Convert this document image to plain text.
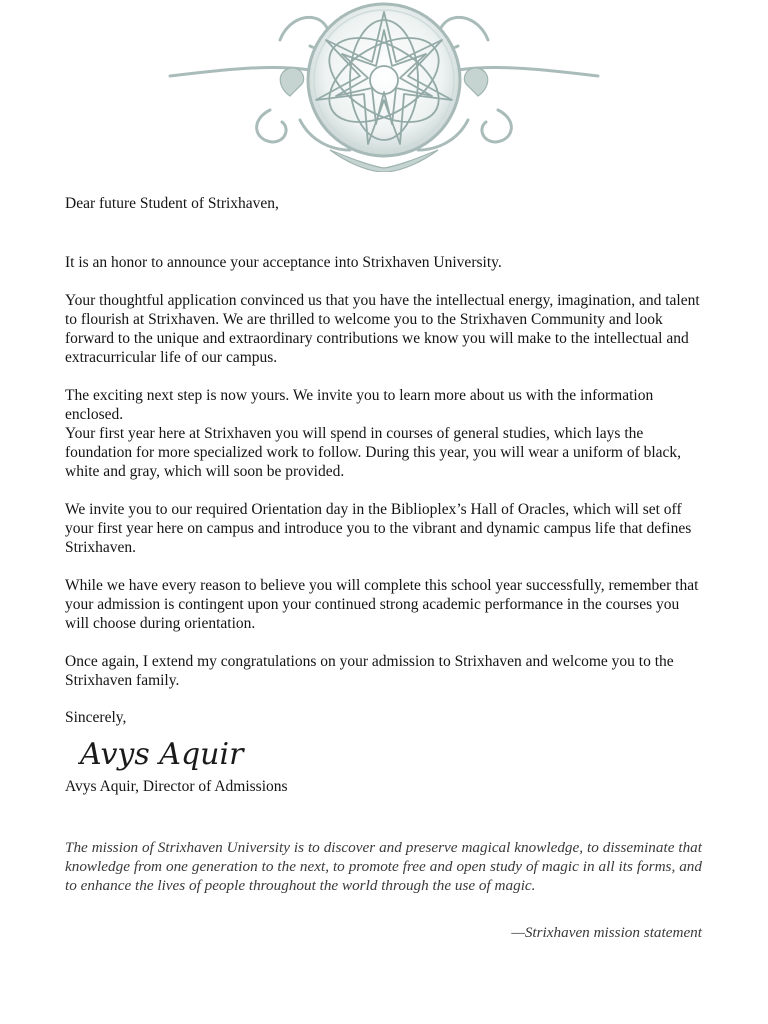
Dear future Student of Strixhaven,

It is an honor to announce your acceptance into Strixhaven University.

Your thoughtful application convinced us that you have the intellectual energy, imagination, and talent to flourish at Strixhaven. We are thrilled to welcome you to the Strixhaven Community and look forward to the unique and extraordinary contributions we know you will make to the intellectual and extracurricular life of our campus.

The exciting next step is now yours. We invite you to learn more about us with the information enclosed.

Your first year here at Strixhaven you will spend in courses of general studies, which lays the foundation for more specialized work to follow. During this year, you will wear a uniform of black, white and gray, which will soon be provided.

We invite you to our required Orientation day in the Biblioplex’s Hall of Oracles, which will set off your first year here on campus and introduce you to the vibrant and dynamic campus life that defines Strixhaven.

While we have every reason to believe you will complete this school year successfully, remember that your admission is contingent upon your continued strong academic performance in the courses you will choose during orientation.

Once again, I extend my congratulations on your admission to Strixhaven and welcome you to the Strixhaven family.

Sincerely,

Avys Aquir

Avys Aquir, Director of Admissions

The mission of Strixhaven University is to discover and preserve magical knowledge, to disseminate that knowledge from one generation to the next, to promote free and open study of magic in all its forms, and to enhance the lives of people throughout the world through the use of magic.

—Strixhaven mission statement
